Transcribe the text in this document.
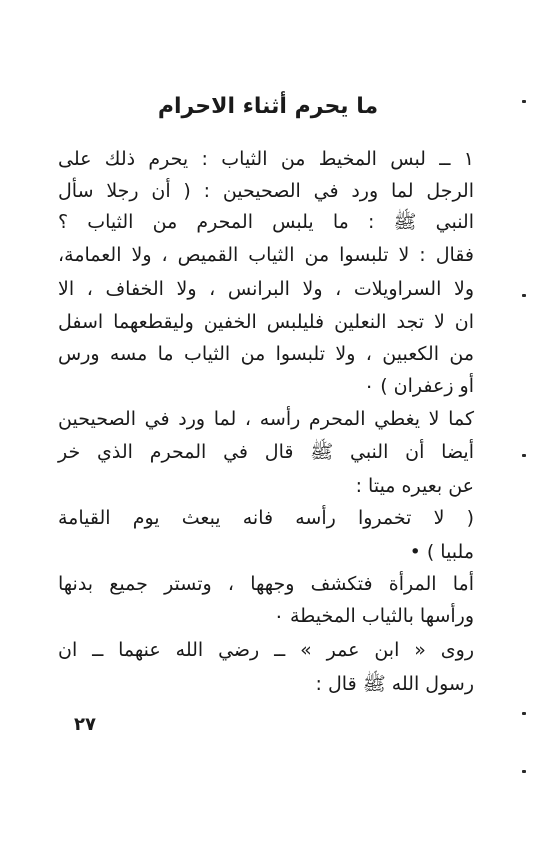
ما يحرم أثناء الاحرام
١ ــ لبس المخيط من الثياب : يحرم ذلك على
الرجل لما ورد في الصحيحين : ( أن رجلا سأل
النبي ﷺ : ما يلبس المحرم من الثياب ؟
فقال : لا تلبسوا من الثياب القميص ، ولا العمامة،
ولا السراويلات ، ولا البرانس ، ولا الخفاف ، الا
ان لا تجد النعلين فليلبس الخفين وليقطعهما اسفل
من الكعبين ، ولا تلبسوا من الثياب ما مسه ورس
أو زعفران ) ٠
كما لا يغطي المحرم رأسه ، لما ورد في الصحيحين
أيضا أن النبي ﷺ قال في المحرم الذي خر
عن بعيره ميتا :
( لا تخمروا رأسه فانه يبعث يوم القيامة
ملبيا ) •
أما المرأة فتكشف وجهها ، وتستر جميع بدنها
ورأسها بالثياب المخيطة ٠
روى « ابن عمر » ــ رضي الله عنهما ــ ان
رسول الله ﷺ قال :
٢٧
